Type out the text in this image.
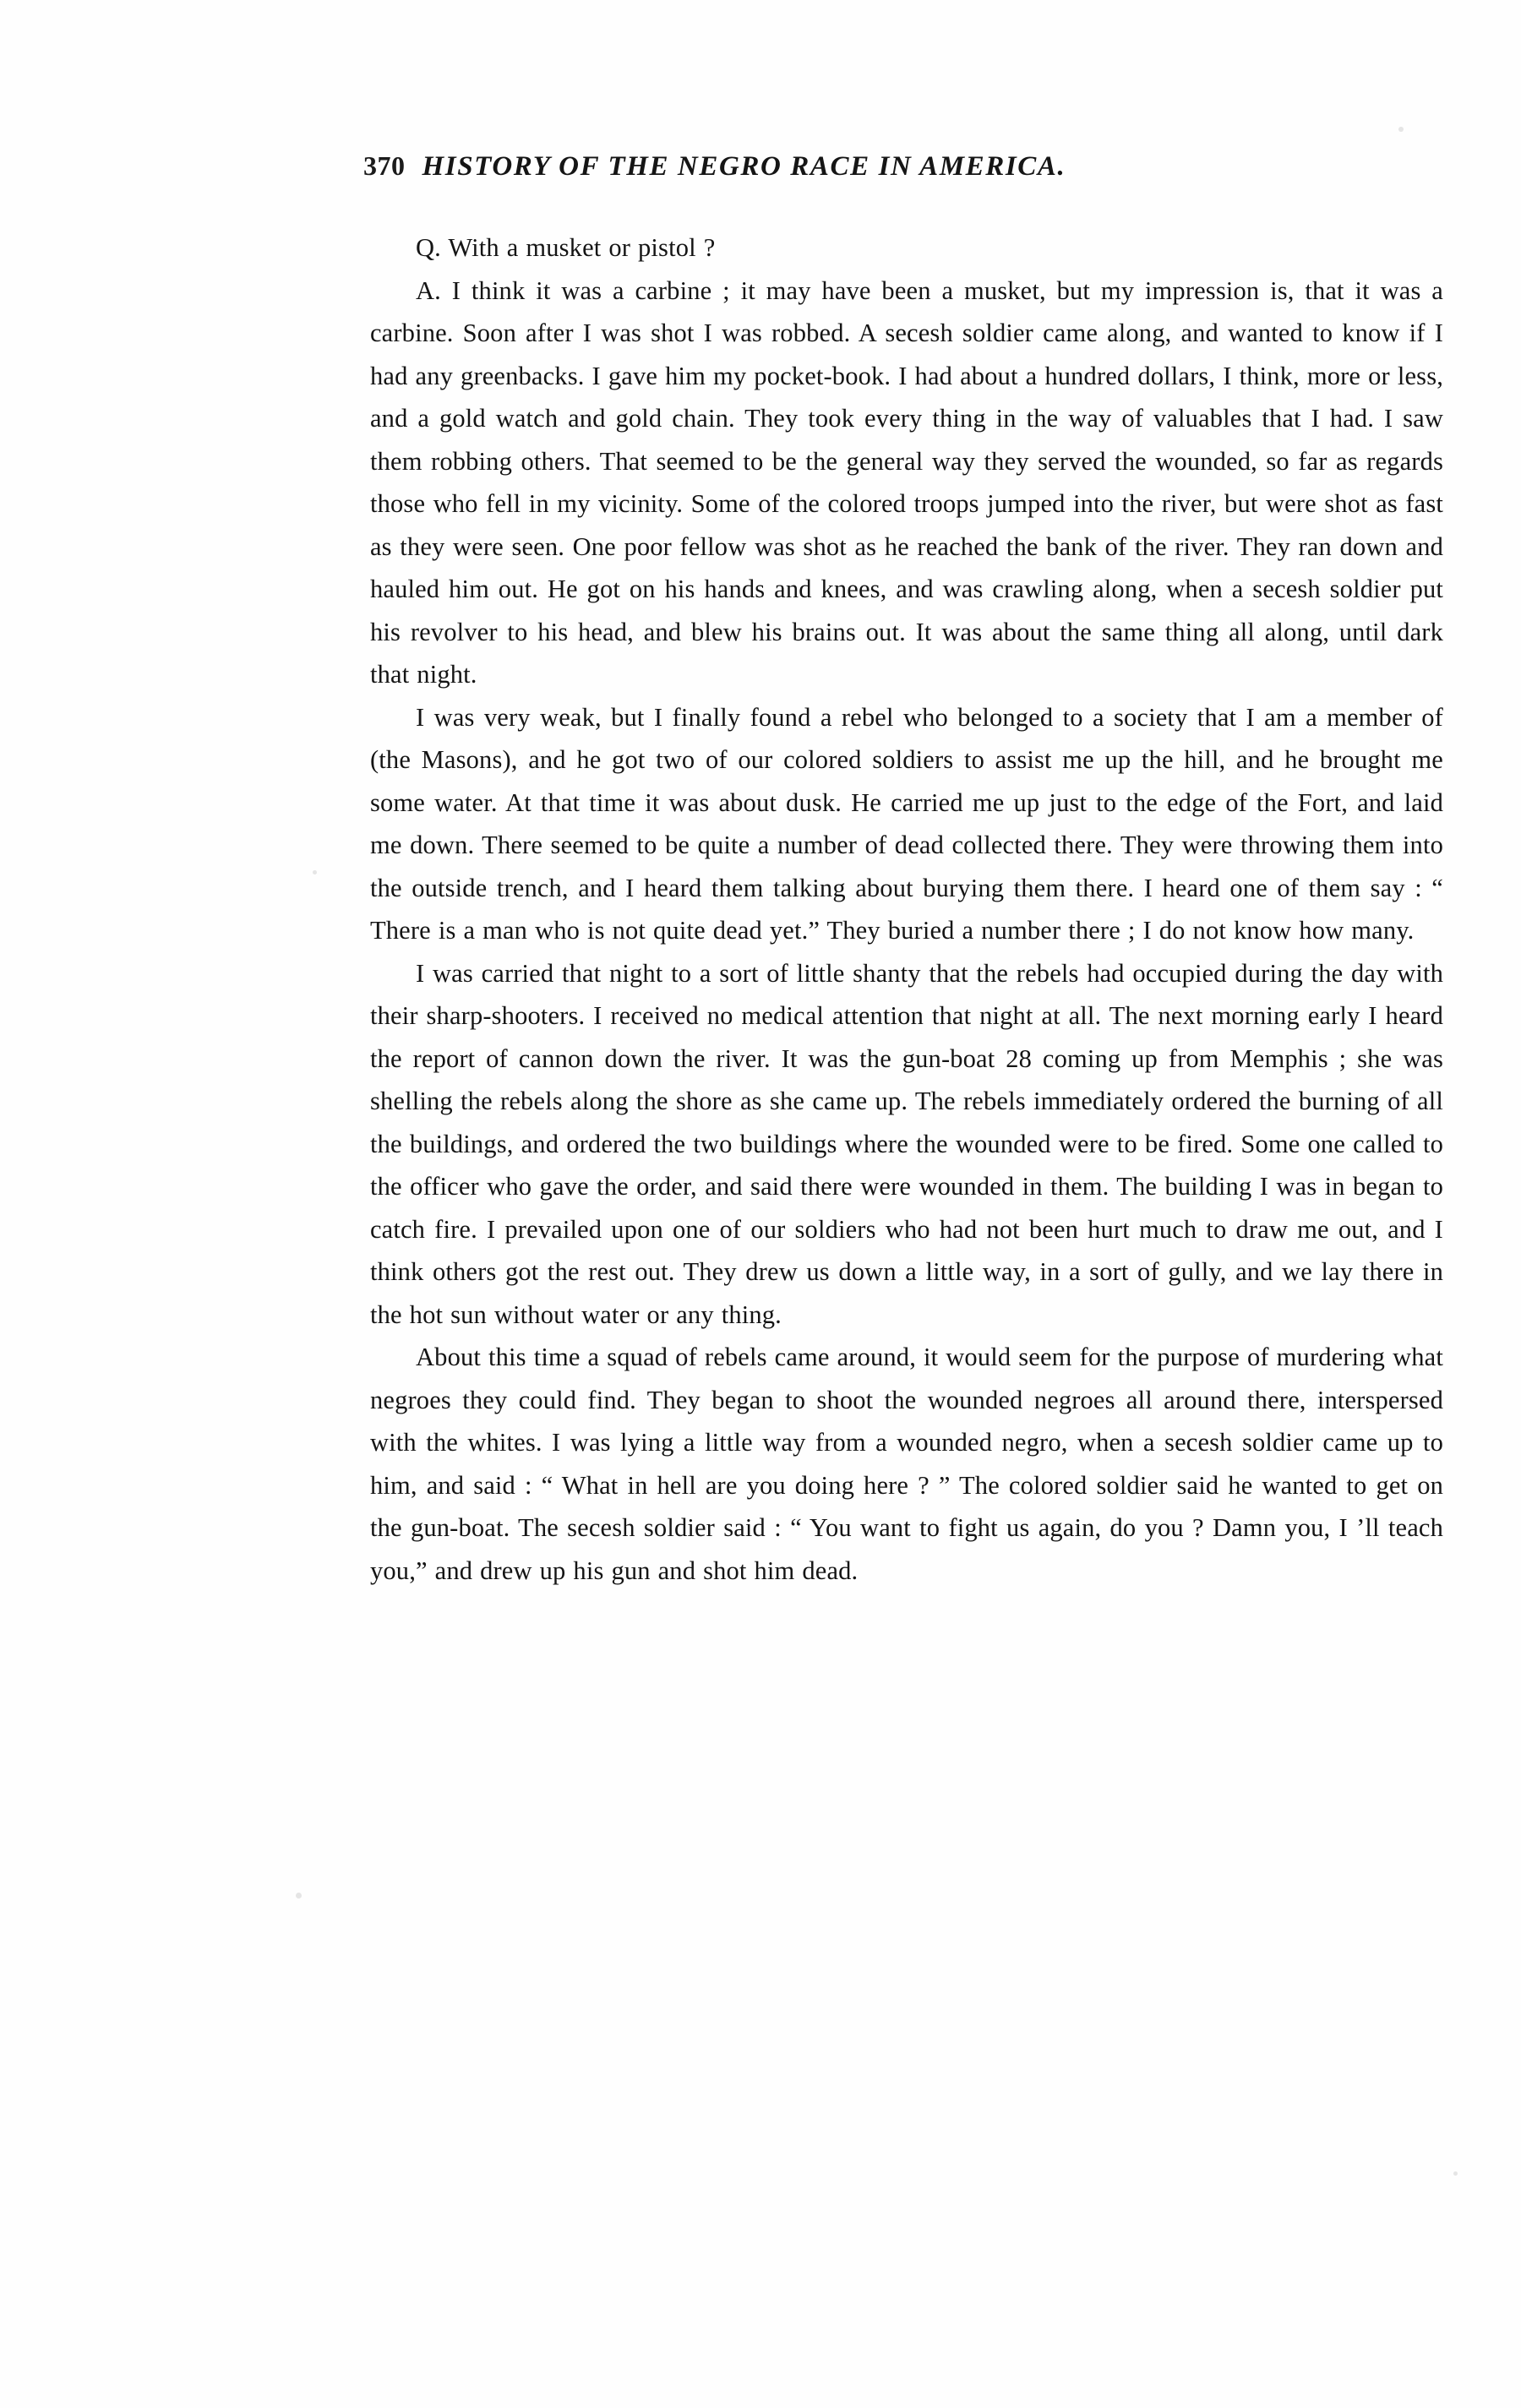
370 HISTORY OF THE NEGRO RACE IN AMERICA.

Q. With a musket or pistol ?

A. I think it was a carbine ; it may have been a musket, but my impression is, that it was a carbine. Soon after I was shot I was robbed. A secesh soldier came along, and wanted to know if I had any greenbacks. I gave him my pocket-book. I had about a hundred dollars, I think, more or less, and a gold watch and gold chain. They took every thing in the way of valuables that I had. I saw them robbing others. That seemed to be the general way they served the wounded, so far as regards those who fell in my vicinity. Some of the colored troops jumped into the river, but were shot as fast as they were seen. One poor fellow was shot as he reached the bank of the river. They ran down and hauled him out. He got on his hands and knees, and was crawling along, when a secesh soldier put his revolver to his head, and blew his brains out. It was about the same thing all along, until dark that night.

I was very weak, but I finally found a rebel who belonged to a society that I am a member of (the Masons), and he got two of our colored soldiers to assist me up the hill, and he brought me some water. At that time it was about dusk. He carried me up just to the edge of the Fort, and laid me down. There seemed to be quite a number of dead collected there. They were throwing them into the outside trench, and I heard them talking about burying them there. I heard one of them say : “ There is a man who is not quite dead yet.” They buried a number there ; I do not know how many.

I was carried that night to a sort of little shanty that the rebels had occupied during the day with their sharp-shooters. I received no medical attention that night at all. The next morning early I heard the report of cannon down the river. It was the gun-boat 28 coming up from Memphis ; she was shelling the rebels along the shore as she came up. The rebels immediately ordered the burning of all the buildings, and ordered the two buildings where the wounded were to be fired. Some one called to the officer who gave the order, and said there were wounded in them. The building I was in began to catch fire. I prevailed upon one of our soldiers who had not been hurt much to draw me out, and I think others got the rest out. They drew us down a little way, in a sort of gully, and we lay there in the hot sun without water or any thing.

About this time a squad of rebels came around, it would seem for the purpose of murdering what negroes they could find. They began to shoot the wounded negroes all around there, interspersed with the whites. I was lying a little way from a wounded negro, when a secesh soldier came up to him, and said : “ What in hell are you doing here ? ” The colored soldier said he wanted to get on the gun-boat. The secesh soldier said : “ You want to fight us again, do you ? Damn you, I ’ll teach you,” and drew up his gun and shot him dead.
